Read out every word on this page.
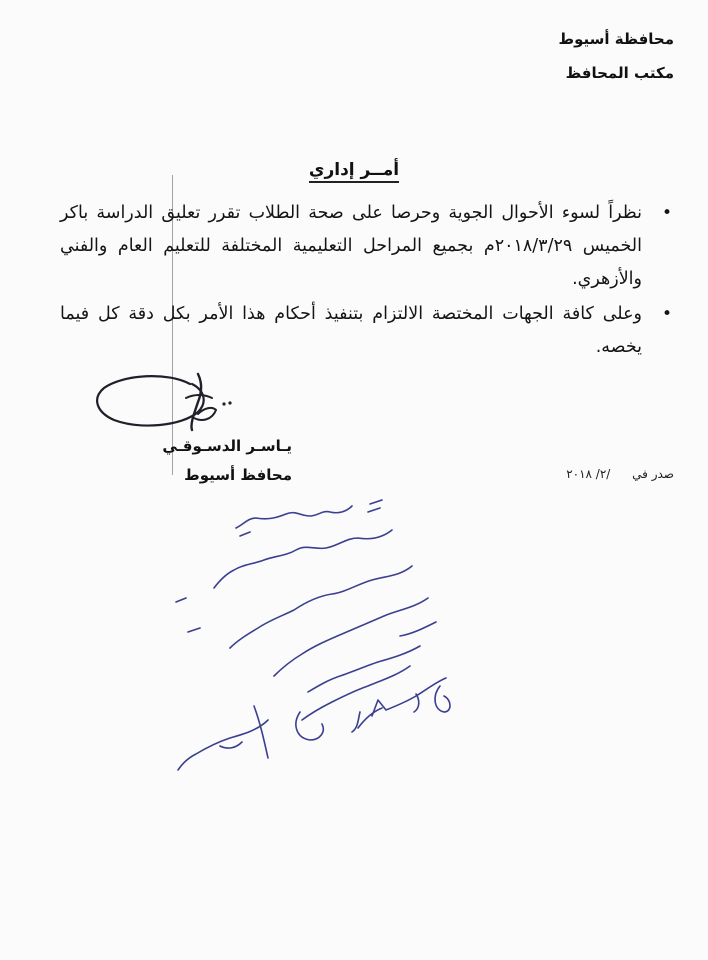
محافظة أسيوط
مكتب المحافظ
أمــر إداري
•
نظراً لسوء الأحوال الجوية وحرصا على صحة الطلاب تقرر تعليق الدراسة باكر الخميس ٢٠١٨/٣/٢٩م بجميع المراحل التعليمية المختلفة للتعليم العام والفني والأزهري.
•
وعلى كافة الجهات المختصة الالتزام بتنفيذ أحكام هذا الأمر بكل دقة كل فيما يخصه.
يـاسـر الدسـوقـي
محافظ أسيوط	صدر في /٢/ ٢٠١٨
